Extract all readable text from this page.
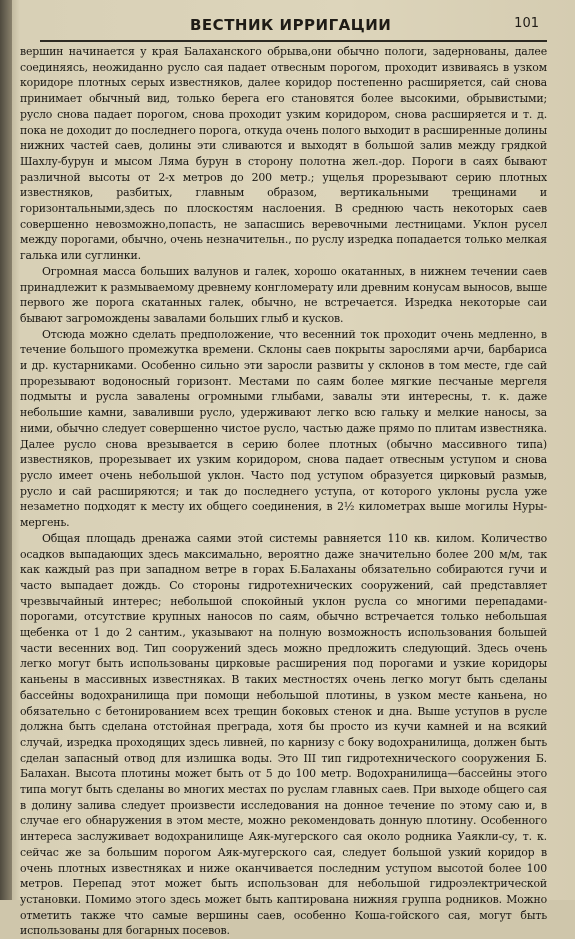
ВЕСТНИК ИРРИГАЦИИ	101

вершин начинается у края Балаханского обрыва,они обычно пологи, задернованы, далее соединяясь, неожиданно русло сая падает отвесным порогом, проходит извиваясь в узком коридоре плотных серых известняков, далее коридор постепенно расширяется, сай снова принимает обычный вид, только берега его становятся более высокими, обрывистыми; русло снова падает порогом, снова проходит узким коридором, снова расширяется и т. д. пока не доходит до последнего порога, откуда очень полого выходит в расширенные долины нижних частей саев, долины эти сливаются и выходят в большой залив между грядкой Шахлу-бурун и мысом Ляма бурун в сторону полотна жел.-дор. Пороги в саях бывают различной высоты от 2-х метров до 200 метр.; ущелья прорезывают серию плотных известняков, разбитых, главным образом, вертикальными трещинами и горизонтальными,здесь по плоскостям наслоения. В среднюю часть некоторых саев совершенно невозможно,попасть, не запасшись веревочными лестницами. Уклон русел между порогами, обычно, очень незначительн., по руслу изредка попадается только мелкая галька или суглинки.

Огромная масса больших валунов и галек, хорошо окатанных, в нижнем течении саев принадлежит к размываемому древнему конгломерату или древним конусам выносов, выше первого же порога скатанных галек, обычно, не встречается. Изредка некоторые саи бывают загромождены завалами больших глыб и кусков.

Отсюда можно сделать предположение, что весенний ток проходит очень медленно, в течение большого промежутка времени. Склоны саев покрыты зарослями арчи, барбариса и др. кустарниками. Особенно сильно эти заросли развиты у склонов в том месте, где сай прорезывают водоносный горизонт. Местами по саям более мягкие песчаные мергеля подмыты и русла завалены огромными глыбами, завалы эти интересны, т. к. даже небольшие камни, заваливши русло, удерживают легко всю гальку и мелкие наносы, за ними, обычно следует совершенно чистое русло, частью даже прямо по плитам известняка. Далее русло снова врезывается в серию более плотных (обычно массивного типа) известняков, прорезывает их узким коридором, снова падает отвесным уступом и снова русло имеет очень небольшой уклон. Часто под уступом образуется цирковый размыв, русло и сай расширяются; и так до последнего уступа, от которого уклоны русла уже незаметно подходят к месту их общего соединения, в 2½ километрах выше могилы Нуры-мергень.

Общая площадь дренажа саями этой системы равняется 110 кв. килом. Количество осадков выпадающих здесь максимально, вероятно даже значительно более 200 м/м, так как каждый раз при западном ветре в горах Б.Балаханы обязательно собираются гучи и часто выпадает дождь. Со стороны гидротехнических сооружений, сай представляет чрезвычайный интерес; небольшой спокойный уклон русла со многими перепадами-порогами, отсутствие крупных наносов по саям, обычно встречается только небольшая щебенка от 1 до 2 сантим., указывают на полную возможность использования большей части весенних вод. Тип сооружений здесь можно предложить следующий. Здесь очень легко могут быть использованы цирковые расширения под порогами и узкие коридоры каньены в массивных известняках. В таких местностях очень легко могут быть сделаны бассейны водохранилища при помощи небольшой плотины, в узком месте каньена, но обязательно с бетонированием всех трещин боковых стенок и дна. Выше уступов в русле должна быть сделана отстойная преграда, хотя бы просто из кучи камней и на всякий случай, изредка проходящих здесь ливней, по карнизу с боку водохранилища, должен быть сделан запасный отвод для излишка воды. Это III тип гидротехнического сооружения Б. Балахан. Высота плотины может быть от 5 до 100 метр. Водохранилища—бассейны этого типа могут быть сделаны во многих местах по руслам главных саев. При выходе общего сая в долину залива следует произвести исследования на донное течение по этому саю и, в случае его обнаружения в этом месте, можно рекомендовать донную плотину. Особенного интереса заслуживает водохранилище Аяк-мугерского сая около родника Уаякли-су, т. к. сейчас же за большим порогом Аяк-мугерского сая, следует большой узкий коридор в очень плотных известняках и ниже оканчивается последним уступом высотой более 100 метров. Перепад этот может быть использован для небольшой гидроэлектрической установки. Помимо этого здесь может быть каптирована нижняя группа родников. Можно отметить также что самые вершины саев, особенно Коша-гойского сая, могут быть использованы для богарных посевов.
